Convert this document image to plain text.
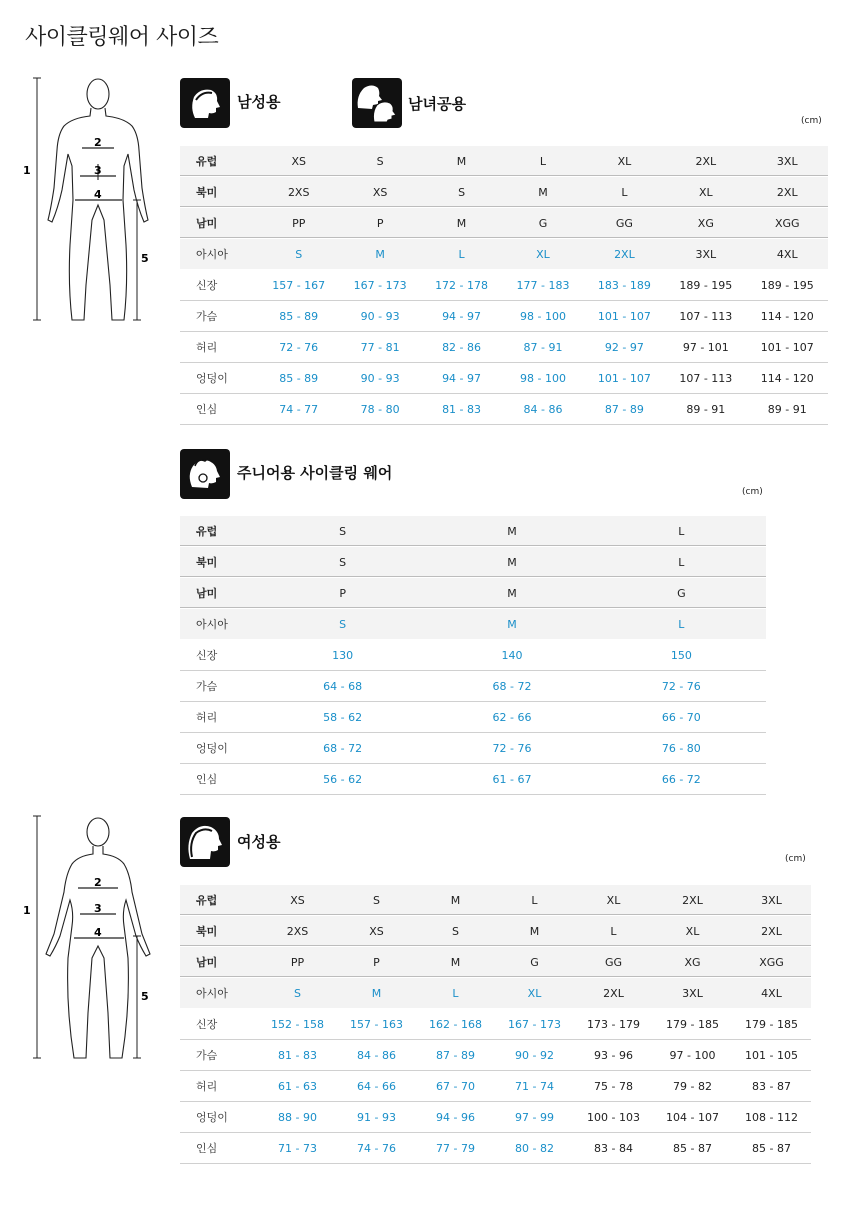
사이클링웨어 사이즈
1
5
2
3
4
남성용	남녀공용
(cm)
유럽	XS	S	M	L	XL	2XL	3XL
북미	2XS	XS	S	M	L	XL	2XL
남미	PP	P	M	G	GG	XG	XGG
아시아	S	M	L	XL	2XL	3XL	4XL
신장	157 - 167	167 - 173	172 - 178	177 - 183	183 - 189	189 - 195	189 - 195
가슴	85 - 89	90 - 93	94 - 97	98 - 100	101 - 107	107 - 113	114 - 120
허리	72 - 76	77 - 81	82 - 86	87 - 91	92 - 97	97 - 101	101 - 107
엉덩이	85 - 89	90 - 93	94 - 97	98 - 100	101 - 107	107 - 113	114 - 120
인심	74 - 77	78 - 80	81 - 83	84 - 86	87 - 89	89 - 91	89 - 91
주니어용 사이클링 웨어
(cm)
유럽	S	M	L
북미	S	M	L
남미	P	M	G
아시아	S	M	L
신장	130	140	150
가슴	64 - 68	68 - 72	72 - 76
허리	58 - 62	62 - 66	66 - 70
엉덩이	68 - 72	72 - 76	76 - 80
인심	56 - 62	61 - 67	66 - 72
1
5
2
3
4
여성용
(cm)
유럽	XS	S	M	L	XL	2XL	3XL
북미	2XS	XS	S	M	L	XL	2XL
남미	PP	P	M	G	GG	XG	XGG
아시아	S	M	L	XL	2XL	3XL	4XL
신장	152 - 158	157 - 163	162 - 168	167 - 173	173 - 179	179 - 185	179 - 185
가슴	81 - 83	84 - 86	87 - 89	90 - 92	93 - 96	97 - 100	101 - 105
허리	61 - 63	64 - 66	67 - 70	71 - 74	75 - 78	79 - 82	83 - 87
엉덩이	88 - 90	91 - 93	94 - 96	97 - 99	100 - 103	104 - 107	108 - 112
인심	71 - 73	74 - 76	77 - 79	80 - 82	83 - 84	85 - 87	85 - 87
